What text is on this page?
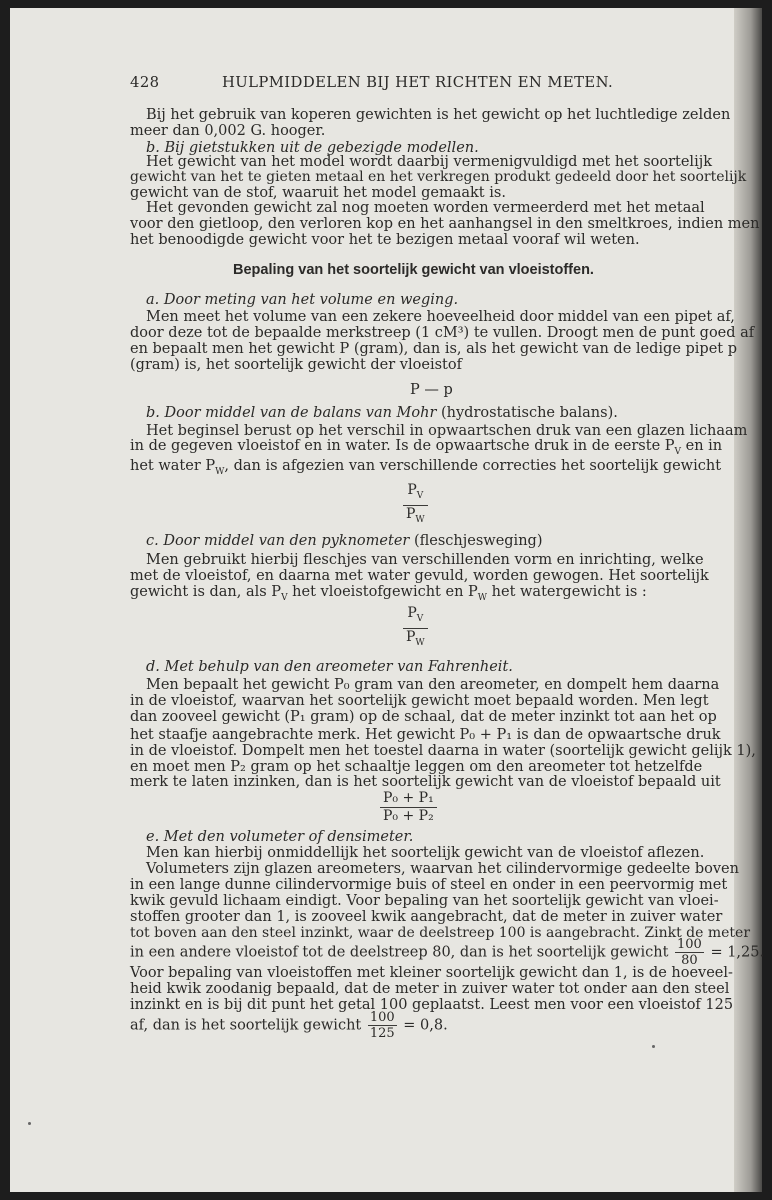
428	HULPMIDDELEN BIJ HET RICHTEN EN METEN.
Bij het gebruik van koperen gewichten is het gewicht op het luchtledige zelden
meer dan 0,002 G. hooger.
b. Bij gietstukken uit de gebezigde modellen.
Het gewicht van het model wordt daarbij vermenigvuldigd met het soortelijk
gewicht van het te gieten metaal en het verkregen produkt gedeeld door het soortelijk
gewicht van de stof, waaruit het model gemaakt is.
Het gevonden gewicht zal nog moeten worden vermeerderd met het metaal
voor den gietloop, den verloren kop en het aanhangsel in den smeltkroes, indien men
het benoodigde gewicht voor het te bezigen metaal vooraf wil weten.
Bepaling van het soortelijk gewicht van vloeistoffen.
a. Door meting van het volume en weging.
Men meet het volume van een zekere hoeveelheid door middel van een pipet af,
door deze tot de bepaalde merkstreep (1 cM³) te vullen. Droogt men de punt goed af
en bepaalt men het gewicht P (gram), dan is, als het gewicht van de ledige pipet p
(gram) is, het soortelijk gewicht der vloeistof
P — p
b. Door middel van de balans van Mohr (hydrostatische balans).
Het beginsel berust op het verschil in opwaartschen druk van een glazen lichaam
in de gegeven vloeistof en in water. Is de opwaartsche druk in de eerste $P_V$ en in
het water $P_W$, dan is afgezien van verschillende correcties het soortelijk gewicht
$\frac{P_V}{P_W}$
c. Door middel van den pyknometer (fleschjesweging)
Men gebruikt hierbij fleschjes van verschillenden vorm en inrichting, welke
met de vloeistof, en daarna met water gevuld, worden gewogen. Het soortelijk
gewicht is dan, als $P_V$ het vloeistofgewicht en $P_W$ het watergewicht is :
$\frac{P_V}{P_W}$
d. Met behulp van den areometer van Fahrenheit.
Men bepaalt het gewicht P₀ gram van den areometer, en dompelt hem daarna
in de vloeistof, waarvan het soortelijk gewicht moet bepaald worden. Men legt
dan zooveel gewicht (P₁ gram) op de schaal, dat de meter inzinkt tot aan het op
het staafje aangebrachte merk. Het gewicht P₀ + P₁ is dan de opwaartsche druk
in de vloeistof. Dompelt men het toestel daarna in water (soortelijk gewicht gelijk 1),
en moet men P₂ gram op het schaaltje leggen om den areometer tot hetzelfde
merk te laten inzinken, dan is het soortelijk gewicht van de vloeistof bepaald uit
$\frac{\text{P₀ + P₁}}{\text{P₀ + P₂}}$
e. Met den volumeter of densimeter.
Men kan hierbij onmiddellijk het soortelijk gewicht van de vloeistof aflezen.
Volumeters zijn glazen areometers, waarvan het cilindervormige gedeelte boven
in een lange dunne cilindervormige buis of steel en onder in een peervormig met
kwik gevuld lichaam eindigt. Voor bepaling van het soortelijk gewicht van vloei-
stoffen grooter dan 1, is zooveel kwik aangebracht, dat de meter in zuiver water
tot boven aan den steel inzinkt, waar de deelstreep 100 is aangebracht. Zinkt de meter
in een andere vloeistof tot de deelstreep 80, dan is het soortelijk gewicht $\frac{100}{80} = 1,25$.
Voor bepaling van vloeistoffen met kleiner soortelijk gewicht dan 1, is de hoeveel-
heid kwik zoodanig bepaald, dat de meter in zuiver water tot onder aan den steel
inzinkt en is bij dit punt het getal 100 geplaatst. Leest men voor een vloeistof 125
af, dan is het soortelijk gewicht $\frac{100}{125} = 0,8$.
